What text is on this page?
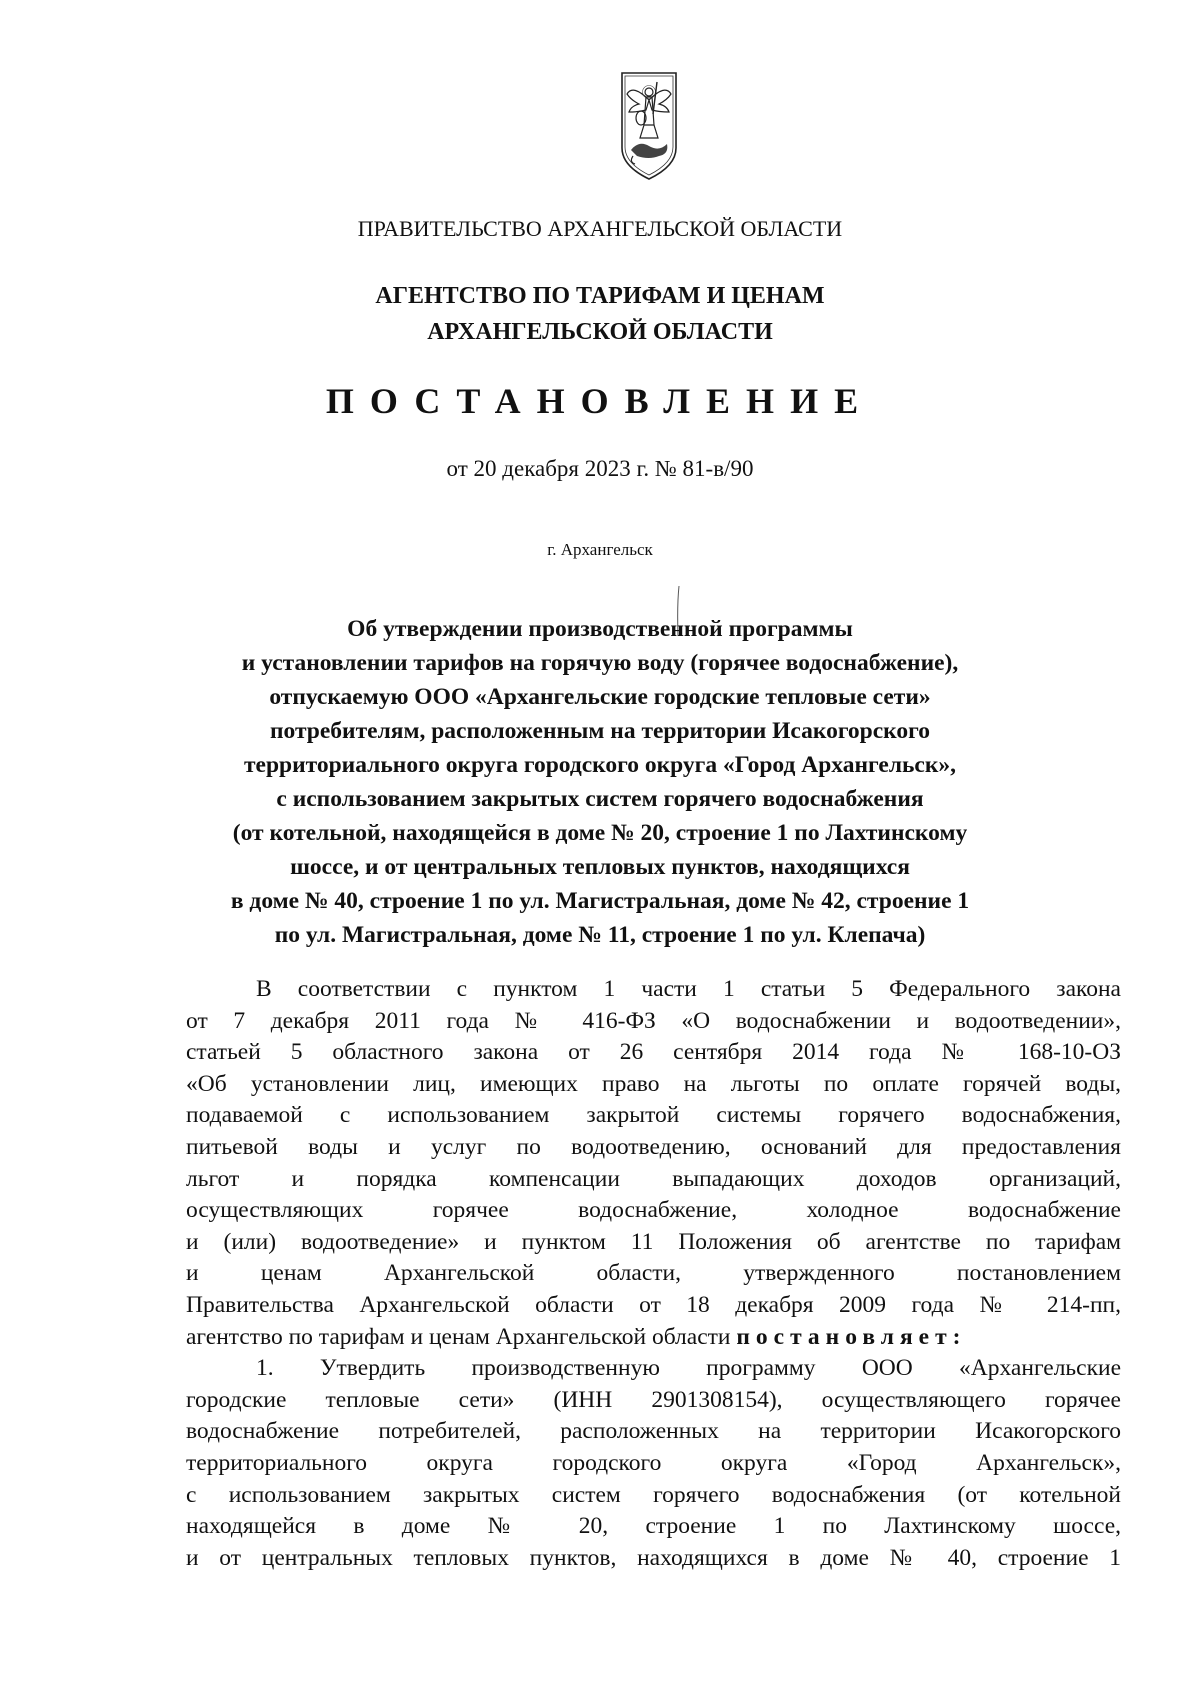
ПРАВИТЕЛЬСТВО АРХАНГЕЛЬСКОЙ ОБЛАСТИ
АГЕНТСТВО ПО ТАРИФАМ И ЦЕНАМ
АРХАНГЕЛЬСКОЙ ОБЛАСТИ
ПОСТАНОВЛЕНИЕ
от 20 декабря 2023 г. № 81-в/90
г. Архангельск
Об утверждении производственной программы
и установлении тарифов на горячую воду (горячее водоснабжение),
отпускаемую ООО «Архангельские городские тепловые сети»
потребителям, расположенным на территории Исакогорского
территориального округа городского округа «Город Архангельск»,
с использованием закрытых систем горячего водоснабжения
(от котельной, находящейся в доме № 20, строение 1 по Лахтинскому
шоссе, и от центральных тепловых пунктов, находящихся
в доме № 40, строение 1 по ул. Магистральная, доме № 42, строение 1
по ул. Магистральная, доме № 11, строение 1 по ул. Клепача)
В соответствии с пунктом 1 части 1 статьи 5 Федерального закона
от 7 декабря 2011 года № 416-ФЗ «О водоснабжении и водоотведении»,
статьей 5 областного закона от 26 сентября 2014 года № 168-10-ОЗ
«Об установлении лиц, имеющих право на льготы по оплате горячей воды,
подаваемой с использованием закрытой системы горячего водоснабжения,
питьевой воды и услуг по водоотведению, оснований для предоставления
льгот и порядка компенсации выпадающих доходов организаций,
осуществляющих горячее водоснабжение, холодное водоснабжение
и (или) водоотведение» и пунктом 11 Положения об агентстве по тарифам
и ценам Архангельской области, утвержденного постановлением
Правительства Архангельской области от 18 декабря 2009 года № 214-пп,
агентство по тарифам и ценам Архангельской области постановляет:
1. Утвердить производственную программу ООО «Архангельские
городские тепловые сети» (ИНН 2901308154), осуществляющего горячее
водоснабжение потребителей, расположенных на территории Исакогорского
территориального округа городского округа «Город Архангельск»,
с использованием закрытых систем горячего водоснабжения (от котельной
находящейся в доме № 20, строение 1 по Лахтинскому шоссе,
и от центральных тепловых пунктов, находящихся в доме № 40, строение 1
